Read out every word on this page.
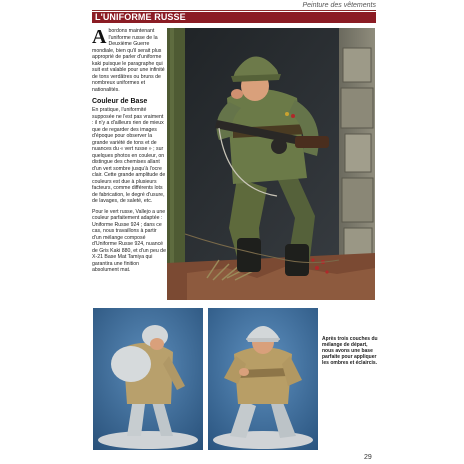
Peinture des vêtements
L'UNIFORME RUSSE

Abordons maintenant l'uniforme russe de la Deuxième Guerre mondiale, bien qu'il serait plus approprié de parler d'uniforme kaki puisque le paragraphe qui suit est valable pour une infinité de tons verdâtres ou bruns de nombreux uniformes et nationalités.

Couleur de Base

En pratique, l'uniformité supposée ne l'est pas vraiment : il n'y a d'ailleurs rien de mieux que de regarder des images d'époque pour observer la grande variété de tons et de nuances du « vert russe » ; sur quelques photos en couleur, on distingue des chemises allant d'un vert sombre jusqu'à l'ocre clair. Cette grande amplitude de couleurs est due à plusieurs facteurs, comme différents lots de fabrication, le degré d'usure, de lavages, de saleté, etc.

Pour le vert russe, Vallejo a une couleur parfaitement adaptée : Uniforme Russe 924 ; dans ce cas, nous travaillons à partir d'un mélange composé d'Uniforme Russe 924, nuancé de Gris Kaki 880, et d'un peu de X-21 Base Mat Tamiya qui garantira une finition absolument mat.

Après trois couches du mélange de départ, nous avons une base parfaite pour appliquer les ombres et éclaircis.
29
